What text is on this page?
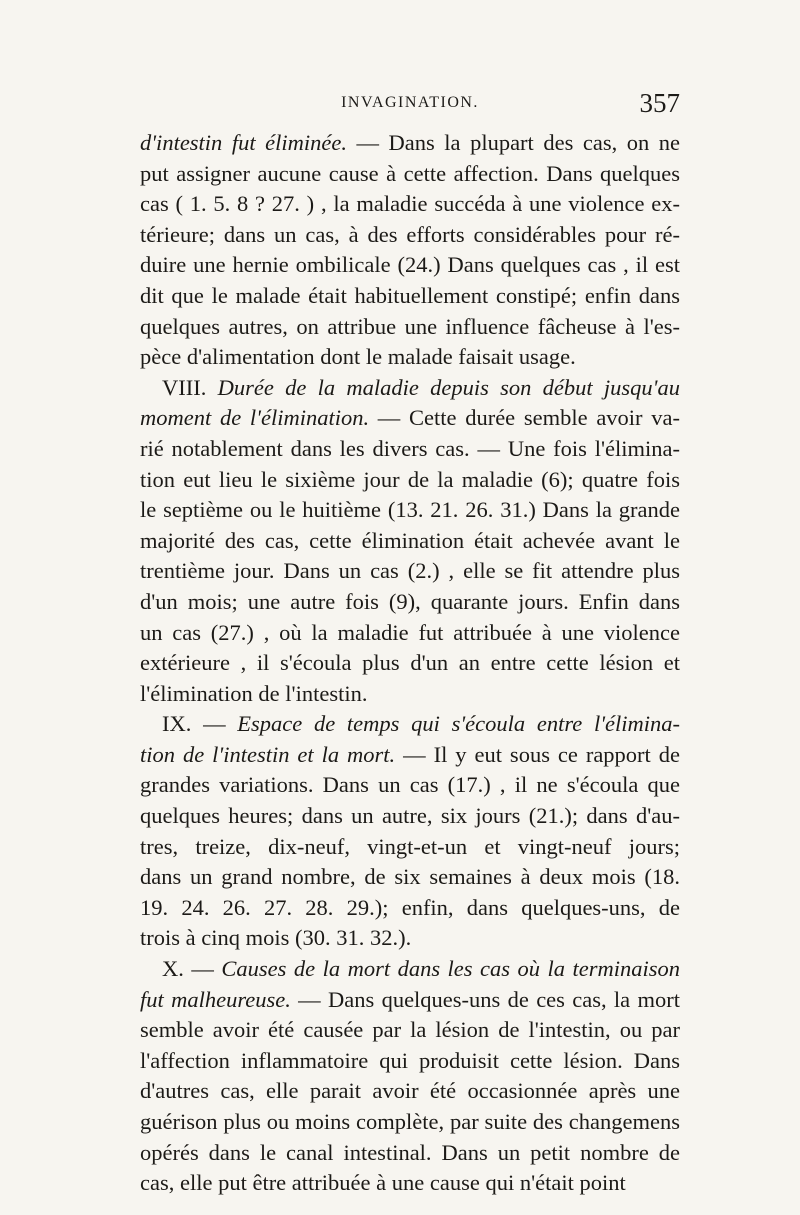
INVAGINATION.	357
d'intestin fut éliminée. — Dans la plupart des cas, on ne
put assigner aucune cause à cette affection. Dans quelques
cas ( 1. 5. 8 ? 27. ) , la maladie succéda à une violence ex-
térieure; dans un cas, à des efforts considérables pour ré-
duire une hernie ombilicale (24.) Dans quelques cas , il est
dit que le malade était habituellement constipé; enfin dans
quelques autres, on attribue une influence fâcheuse à l'es-
pèce d'alimentation dont le malade faisait usage.
VIII. Durée de la maladie depuis son début jusqu'au
moment de l'élimination. — Cette durée semble avoir va-
rié notablement dans les divers cas. — Une fois l'élimina-
tion eut lieu le sixième jour de la maladie (6); quatre fois
le septième ou le huitième (13. 21. 26. 31.) Dans la grande
majorité des cas, cette élimination était achevée avant le
trentième jour. Dans un cas (2.) , elle se fit attendre plus
d'un mois; une autre fois (9), quarante jours. Enfin dans
un cas (27.) , où la maladie fut attribuée à une violence
extérieure , il s'écoula plus d'un an entre cette lésion et
l'élimination de l'intestin.
IX. — Espace de temps qui s'écoula entre l'élimina-
tion de l'intestin et la mort. — Il y eut sous ce rapport de
grandes variations. Dans un cas (17.) , il ne s'écoula que
quelques heures; dans un autre, six jours (21.); dans d'au-
tres, treize, dix-neuf, vingt-et-un et vingt-neuf jours;
dans un grand nombre, de six semaines à deux mois (18.
19. 24. 26. 27. 28. 29.); enfin, dans quelques-uns, de
trois à cinq mois (30. 31. 32.).
X. — Causes de la mort dans les cas où la terminaison
fut malheureuse. — Dans quelques-uns de ces cas, la mort
semble avoir été causée par la lésion de l'intestin, ou par
l'affection inflammatoire qui produisit cette lésion. Dans
d'autres cas, elle parait avoir été occasionnée après une
guérison plus ou moins complète, par suite des changemens
opérés dans le canal intestinal. Dans un petit nombre de
cas, elle put être attribuée à une cause qui n'était point
